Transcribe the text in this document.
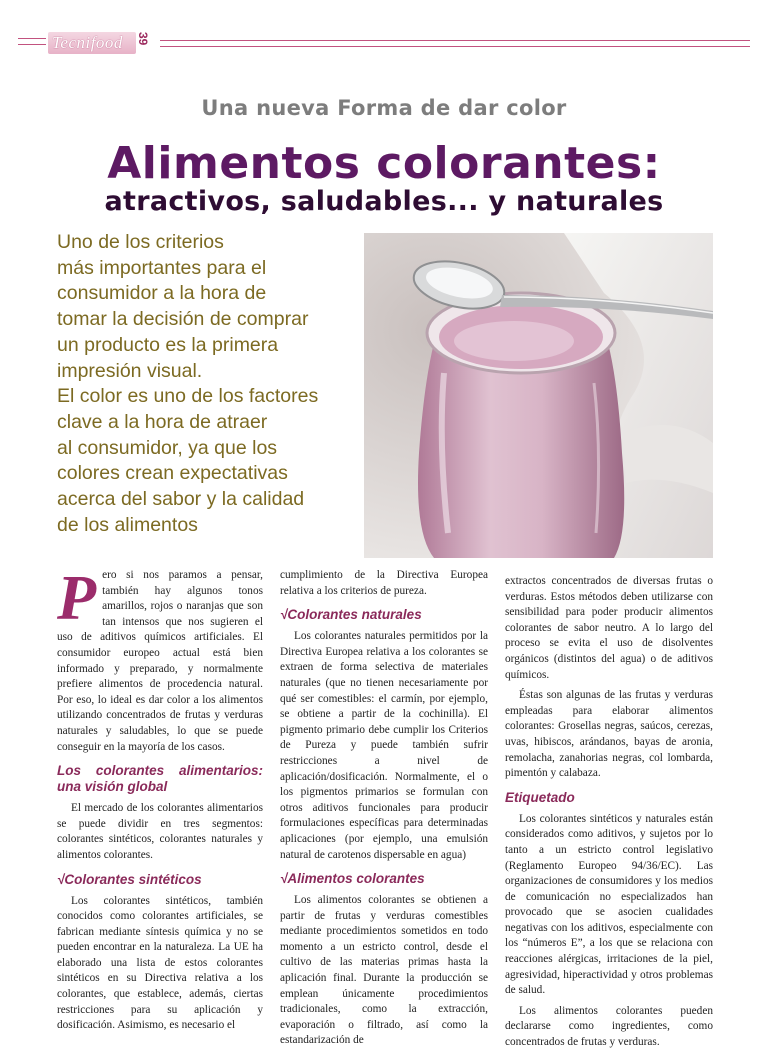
Tecnifood 39
Una nueva Forma de dar color
Alimentos colorantes:
atractivos, saludables... y naturales
Uno de los criterios
más importantes para el
consumidor a la hora de
tomar la decisión de comprar
un producto es la primera
impresión visual.
El color es uno de los factores
clave a la hora de atraer
al consumidor, ya que los
colores crean expectativas
acerca del sabor y la calidad
de los alimentos

Pero si nos paramos a pensar, también hay algunos tonos amarillos, rojos o naranjas que son tan intensos que nos sugieren el uso de aditivos químicos artificiales. El consumidor europeo actual está bien informado y preparado, y normalmente prefiere alimentos de procedencia natural. Por eso, lo ideal es dar color a los alimentos utilizando concentrados de frutas y verduras naturales y saludables, lo que se puede conseguir en la mayoría de los casos.

Los colorantes alimentarios: una visión global

El mercado de los colorantes alimentarios se puede dividir en tres segmentos: colorantes sintéticos, colorantes naturales y alimentos colorantes.

√Colorantes sintéticos

Los colorantes sintéticos, también conocidos como colorantes artificiales, se fabrican mediante síntesis química y no se pueden encontrar en la naturaleza. La UE ha elaborado una lista de estos colorantes sintéticos en su Directiva relativa a los colorantes, que establece, además, ciertas restricciones para su aplicación y dosificación. Asimismo, es necesario el

cumplimiento de la Directiva Europea relativa a los criterios de pureza.

√Colorantes naturales

Los colorantes naturales permitidos por la Directiva Europea relativa a los colorantes se extraen de forma selectiva de materiales naturales (que no tienen necesariamente por qué ser comestibles: el carmín, por ejemplo, se obtiene a partir de la cochinilla). El pigmento primario debe cumplir los Criterios de Pureza y puede también sufrir restricciones a nivel de aplicación/dosificación. Normalmente, el o los pigmentos primarios se formulan con otros aditivos funcionales para producir formulaciones específicas para determinadas aplicaciones (por ejemplo, una emulsión natural de carotenos dispersable en agua)

√Alimentos colorantes

Los alimentos colorantes se obtienen a partir de frutas y verduras comestibles mediante procedimientos sometidos en todo momento a un estricto control, desde el cultivo de las materias primas hasta la aplicación final. Durante la producción se emplean únicamente procedimientos tradicionales, como la extracción, evaporación o filtrado, así como la estandarización de

extractos concentrados de diversas frutas o verduras. Estos métodos deben utilizarse con sensibilidad para poder producir alimentos colorantes de sabor neutro. A lo largo del proceso se evita el uso de disolventes orgánicos (distintos del agua) o de aditivos químicos.

Éstas son algunas de las frutas y verduras empleadas para elaborar alimentos colorantes: Grosellas negras, saúcos, cerezas, uvas, hibiscos, arándanos, bayas de aronia, remolacha, zanahorias negras, col lombarda, pimentón y calabaza.

Etiquetado

Los colorantes sintéticos y naturales están considerados como aditivos, y sujetos por lo tanto a un estricto control legislativo (Reglamento Europeo 94/36/EC). Las organizaciones de consumidores y los medios de comunicación no especializados han provocado que se asocien cualidades negativas con los aditivos, especialmente con los “números E”, a los que se relaciona con reacciones alérgicas, irritaciones de la piel, agresividad, hiperactividad y otros problemas de salud.

Los alimentos colorantes pueden declararse como ingredientes, como concentrados de frutas y verduras.
